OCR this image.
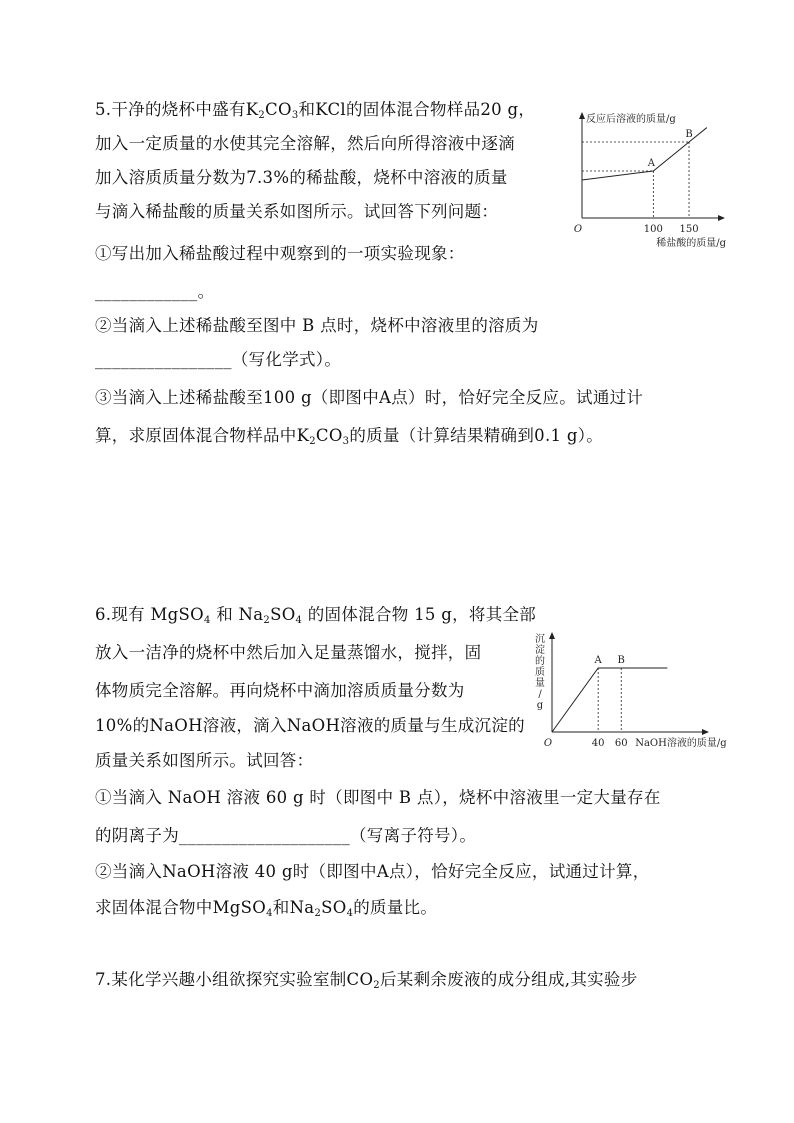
5.干净的烧杯中盛有$K_2CO_3$和KCl的固体混合物样品20 g，
加入一定质量的水使其完全溶解，然后向所得溶液中逐滴
加入溶质质量分数为7.3%的稀盐酸，烧杯中溶液的质量
与滴入稀盐酸的质量关系如图所示。试回答下列问题：
①写出加入稀盐酸过程中观察到的一项实验现象：
____________。
②当滴入上述稀盐酸至图中 B 点时，烧杯中溶液里的溶质为
________________（写化学式）。
③当滴入上述稀盐酸至100 g（即图中A点）时，恰好完全反应。试通过计
算，求原固体混合物样品中$K_2CO_3$的质量（计算结果精确到0.1 g）。
反应后溶液的质量/g
O
稀盐酸的质量/g
100 150
A
B
6.现有 MgSO$_4$ 和 $Na_2SO_4$ 的固体混合物 15 g，将其全部
放入一洁净的烧杯中然后加入足量蒸馏水，搅拌，固
体物质完全溶解。再向烧杯中滴加溶质质量分数为
10%的NaOH溶液，滴入NaOH溶液的质量与生成沉淀的
质量关系如图所示。试回答：
①当滴入 NaOH 溶液 60 g 时（即图中 B 点），烧杯中溶液里一定大量存在
的阴离子为____________________（写离子符号）。
②当滴入NaOH溶液 40 g时（即图中A点），恰好完全反应，试通过计算，
求固体混合物中MgSO$_4$和$Na_2SO_4$的质量比。
沉淀的质量/ g
O
A
40
B
60 NaOH溶液的质量/g
7.某化学兴趣小组欲探究实验室制$CO_2$后某剩余废液的成分组成,其实验步
